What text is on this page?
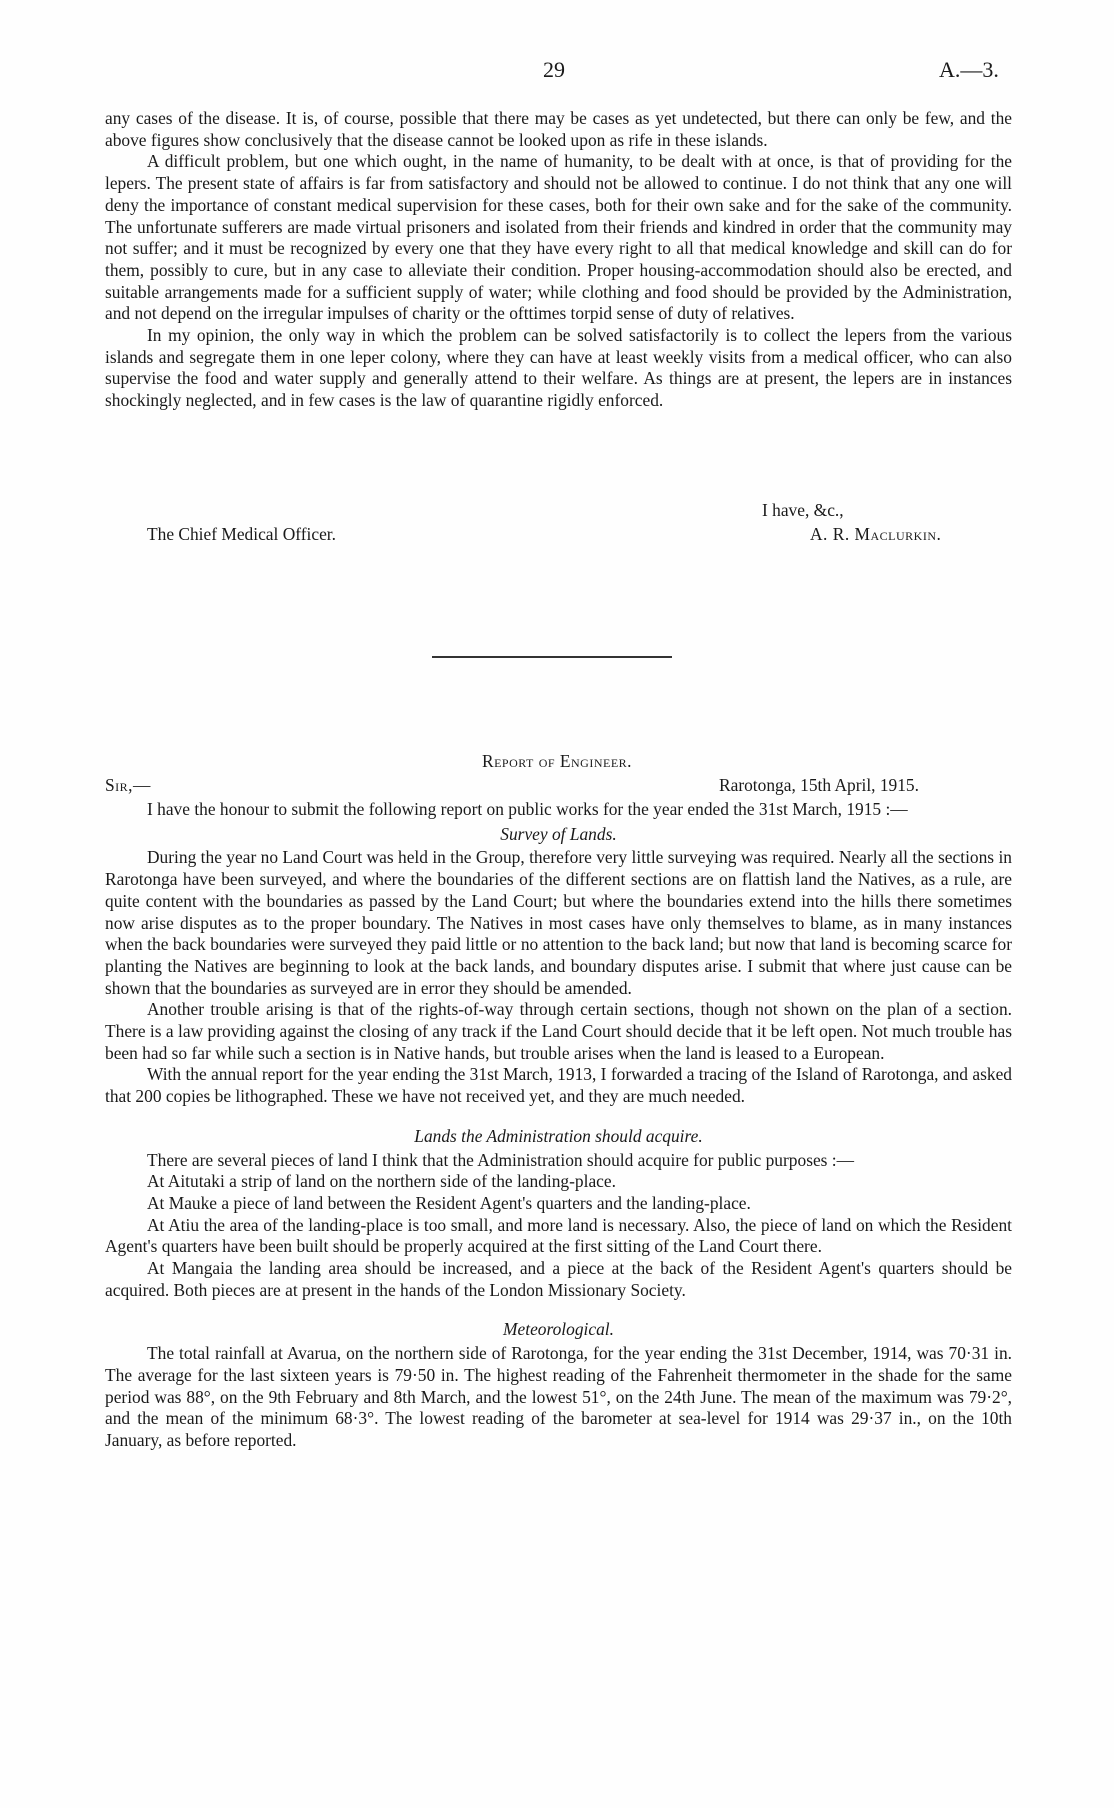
29	A.—3.

any cases of the disease. It is, of course, possible that there may be cases as yet undetected, but there can only be few, and the above figures show conclusively that the disease cannot be looked upon as rife in these islands.

A difficult problem, but one which ought, in the name of humanity, to be dealt with at once, is that of providing for the lepers. The present state of affairs is far from satisfactory and should not be allowed to continue. I do not think that any one will deny the importance of constant medical supervision for these cases, both for their own sake and for the sake of the community. The unfortunate sufferers are made virtual prisoners and isolated from their friends and kindred in order that the community may not suffer; and it must be recognized by every one that they have every right to all that medical knowledge and skill can do for them, possibly to cure, but in any case to alleviate their condition. Proper housing-accommodation should also be erected, and suitable arrangements made for a sufficient supply of water; while clothing and food should be provided by the Administration, and not depend on the irregular impulses of charity or the ofttimes torpid sense of duty of relatives.

In my opinion, the only way in which the problem can be solved satisfactorily is to collect the lepers from the various islands and segregate them in one leper colony, where they can have at least weekly visits from a medical officer, who can also supervise the food and water supply and generally attend to their welfare. As things are at present, the lepers are in instances shockingly neglected, and in few cases is the law of quarantine rigidly enforced.

I have, &c.,
The Chief Medical Officer.	A. R. Maclurkin.
Report of Engineer.
Sir,—	Rarotonga, 15th April, 1915.

I have the honour to submit the following report on public works for the year ended the 31st March, 1915 :—

Survey of Lands.

During the year no Land Court was held in the Group, therefore very little surveying was required. Nearly all the sections in Rarotonga have been surveyed, and where the boundaries of the different sections are on flattish land the Natives, as a rule, are quite content with the boundaries as passed by the Land Court; but where the boundaries extend into the hills there sometimes now arise disputes as to the proper boundary. The Natives in most cases have only themselves to blame, as in many instances when the back boundaries were surveyed they paid little or no attention to the back land; but now that land is becoming scarce for planting the Natives are beginning to look at the back lands, and boundary disputes arise. I submit that where just cause can be shown that the boundaries as surveyed are in error they should be amended.

Another trouble arising is that of the rights-of-way through certain sections, though not shown on the plan of a section. There is a law providing against the closing of any track if the Land Court should decide that it be left open. Not much trouble has been had so far while such a section is in Native hands, but trouble arises when the land is leased to a European.

With the annual report for the year ending the 31st March, 1913, I forwarded a tracing of the Island of Rarotonga, and asked that 200 copies be lithographed. These we have not received yet, and they are much needed.

Lands the Administration should acquire.

There are several pieces of land I think that the Administration should acquire for public purposes :—

At Aitutaki a strip of land on the northern side of the landing-place.

At Mauke a piece of land between the Resident Agent's quarters and the landing-place.

At Atiu the area of the landing-place is too small, and more land is necessary. Also, the piece of land on which the Resident Agent's quarters have been built should be properly acquired at the first sitting of the Land Court there.

At Mangaia the landing area should be increased, and a piece at the back of the Resident Agent's quarters should be acquired. Both pieces are at present in the hands of the London Missionary Society.

Meteorological.

The total rainfall at Avarua, on the northern side of Rarotonga, for the year ending the 31st December, 1914, was 70·31 in. The average for the last sixteen years is 79·50 in. The highest reading of the Fahrenheit thermometer in the shade for the same period was 88°, on the 9th February and 8th March, and the lowest 51°, on the 24th June. The mean of the maximum was 79·2°, and the mean of the minimum 68·3°. The lowest reading of the barometer at sea-level for 1914 was 29·37 in., on the 10th January, as before reported.
